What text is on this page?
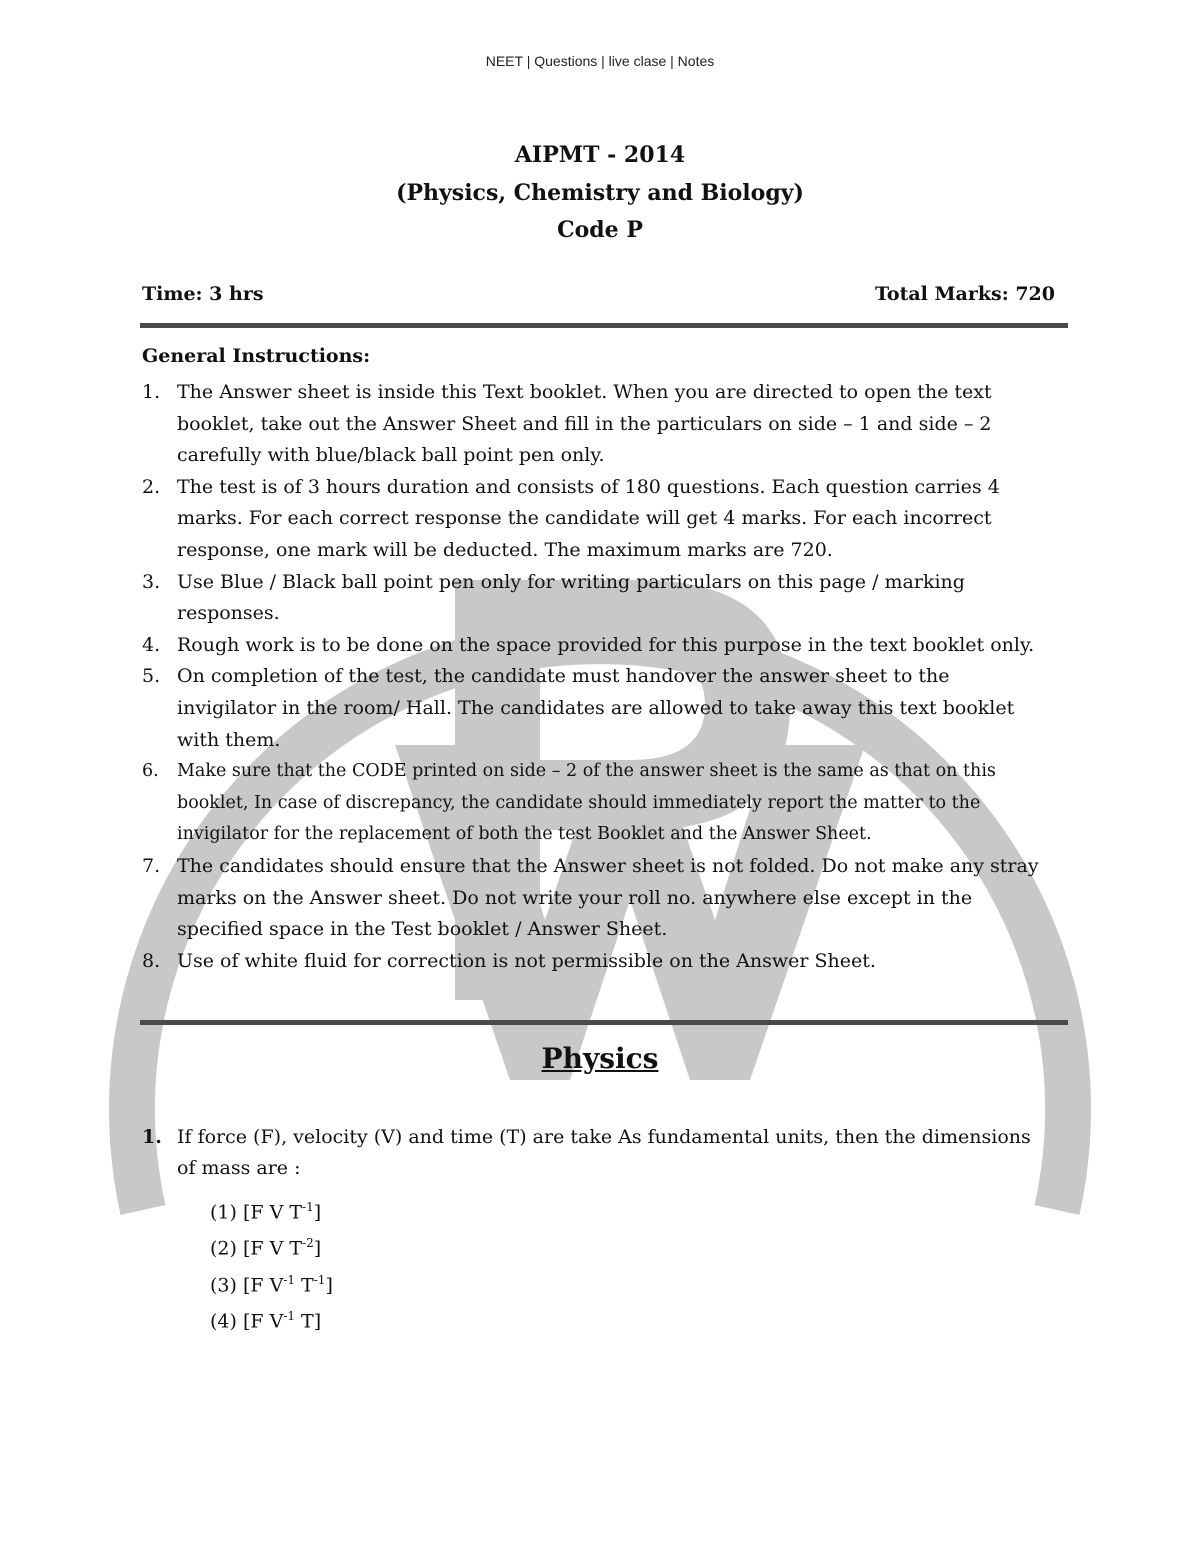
NEET | Questions | live clase | Notes
AIPMT - 2014
(Physics, Chemistry and Biology)
Code P
Time: 3 hrs	Total Marks: 720
General Instructions:
1. The Answer sheet is inside this Text booklet. When you are directed to open the text booklet, take out the Answer Sheet and fill in the particulars on side – 1 and side – 2 carefully with blue/black ball point pen only.
2. The test is of 3 hours duration and consists of 180 questions. Each question carries 4 marks. For each correct response the candidate will get 4 marks. For each incorrect response, one mark will be deducted. The maximum marks are 720.
3. Use Blue / Black ball point pen only for writing particulars on this page / marking responses.
4. Rough work is to be done on the space provided for this purpose in the text booklet only.
5. On completion of the test, the candidate must handover the answer sheet to the invigilator in the room/ Hall. The candidates are allowed to take away this text booklet with them.
6.	Make sure that the CODE printed on side – 2 of the answer sheet is the same as that on this booklet, In case of discrepancy, the candidate should immediately report the matter to the invigilator for the replacement of both the test Booklet and the Answer Sheet.
7. The candidates should ensure that the Answer sheet is not folded. Do not make any stray marks on the Answer sheet. Do not write your roll no. anywhere else except in the specified space in the Test booklet / Answer Sheet.
8. Use of white fluid for correction is not permissible on the Answer Sheet.
Physics
1. If force (F), velocity (V) and time (T) are take As fundamental units, then the dimensions of mass are :
(1) [F V $T^{-1}$]
(2) [F V $T^{-2}$]
(3) [F $V^{-1}$ $T^{-1}$]
(4) [F $V^{-1}$ T]
